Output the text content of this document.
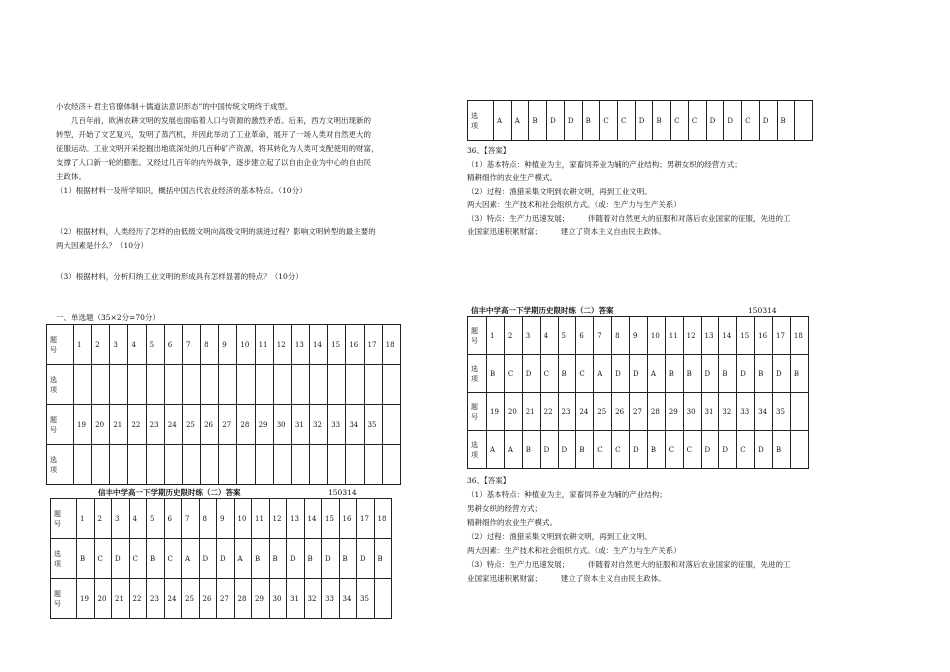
小农经济＋君主官僚体制＋儒道法意识形态”的中国传统文明终于成型。
　　几百年前，欧洲农耕文明的发展也面临着人口与资源的激烈矛盾。后来，西方文明出现新的
转型，开始了文艺复兴，发明了蒸汽机，并因此举动了工业革命，展开了一场人类对自然更大的
征服运动。工业文明开采挖掘出地底深处的几百种矿产资源，将其转化为人类可支配使用的财富，
支撑了人口新一轮的膨胀。又经过几百年的内外战争，逐步建立起了以自由企业为中心的自由民
主政体。
（1）根据材料一及所学知识，概括中国古代农业经济的基本特点。（10分）
（2）根据材料，人类经历了怎样的由低级文明向高级文明的演进过程？影响文明转型的最主要的
两大因素是什么？（10分）
（3）根据材料，分析归纳工业文明的形成具有怎样显著的特点？（10分）
一、单选题（35×2分=70分）
题
号	1	2	3	4	5	6	7	8	9	10	11	12	13	14	15	16	17	18

选
项																		

题
号	19	20	21	22	23	24	25	26	27	28	29	30	31	32	33	34	35	

选
项																		

信丰中学高一下学期历史限时练（二）答案	150314
题
号	1	2	3	4	5	6	7	8	9	10	11	12	13	14	15	16	17	18

选
项	B	C	D	C	B	C	A	D	D	A	B	B	D	B	D	B	D	B

题
号	19	20	21	22	23	24	25	26	27	28	29	30	31	32	33	34	35	
选
项
	A	A	B	D	D	B	C	C	D	B	C	C	D	D	C	D	B	
36、【答案】
（1）基本特点：种植业为主，家畜饲养业为辅的产业结构；男耕女织的经营方式；
精耕细作的农业生产模式。
（2）过程：渔猎采集文明到农耕文明，再到工业文明。
两大因素：生产技术和社会组织方式。（或：生产力与生产关系）
（3）特点：生产力迅速发展；　　　伴随着对自然更大的征服和对落后农业国家的征服，先进的工
业国家迅速积累财富；　　　建立了资本主义自由民主政体。
信丰中学高一下学期历史限时练（二）答案	150314
题
号	1	2	3	4	5	6	7	8	9	10	11	12	13	14	15	16	17	18

选
项	B	C	D	C	B	C	A	D	D	A	B	B	D	B	D	B	D	B

题
号	19	20	21	22	23	24	25	26	27	28	29	30	31	32	33	34	35	

选
项	A	A	B	D	D	B	C	C	D	B	C	C	D	D	C	D	B	
36、【答案】
（1）基本特点：种植业为主，家畜饲养业为辅的产业结构；
男耕女织的经营方式；
精耕细作的农业生产模式。
（2）过程：渔猎采集文明到农耕文明，再到工业文明。
两大因素：生产技术和社会组织方式。（或：生产力与生产关系）
（3）特点：生产力迅速发展；　　　伴随着对自然更大的征服和对落后农业国家的征服，先进的工
业国家迅速积累财富；　　　建立了资本主义自由民主政体。
